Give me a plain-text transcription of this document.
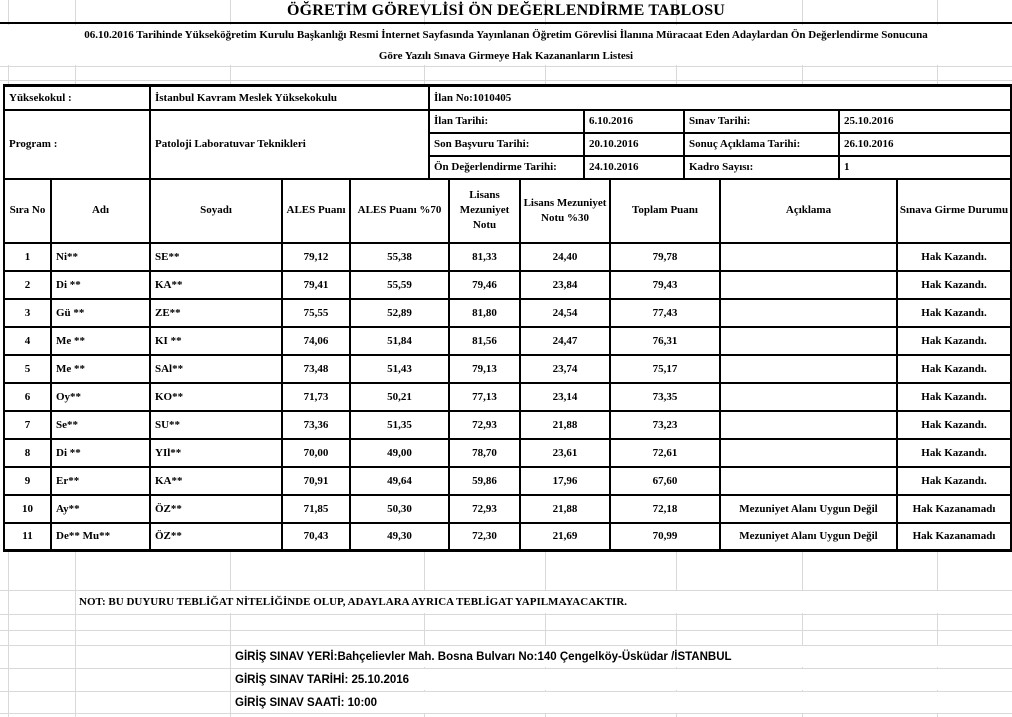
ÖĞRETİM GÖREVLİSİ ÖN DEĞERLENDİRME TABLOSU
06.10.2016 Tarihinde Yükseköğretim Kurulu Başkanlığı Resmi İnternet Sayfasında Yayınlanan Öğretim Görevlisi İlanına Müracaat Eden Adaylardan Ön Değerlendirme Sonucuna
Göre Yazılı Sınava Girmeye Hak Kazananların Listesi
Yüksekokul :	İstanbul Kavram Meslek Yüksekokulu	İlan No:1010405			
Program :	Patoloji Laboratuvar Teknikleri	İlan Tarihi:	6.10.2016	Sınav Tarihi:	25.10.2016
		Son Başvuru Tarihi:	20.10.2016	Sonuç Açıklama Tarihi:	26.10.2016
		Ön Değerlendirme Tarihi:	24.10.2016	Kadro Sayısı:	1
Sıra No	Adı	Soyadı	ALES Puanı	ALES Puanı %70	Lisans Mezuniyet Notu	Lisans Mezuniyet Notu %30	Toplam Puanı	Açıklama	Sınava Girme Durumu
1	Ni**	SE**	79,12	55,38	81,33	24,40	79,78		Hak Kazandı.
2	Di **	KA**	79,41	55,59	79,46	23,84	79,43		Hak Kazandı.
3	Gü **	ZE**	75,55	52,89	81,80	24,54	77,43		Hak Kazandı.
4	Me **	KI **	74,06	51,84	81,56	24,47	76,31		Hak Kazandı.
5	Me **	SAl**	73,48	51,43	79,13	23,74	75,17		Hak Kazandı.
6	Oy**	KO**	71,73	50,21	77,13	23,14	73,35		Hak Kazandı.
7	Se**	SU**	73,36	51,35	72,93	21,88	73,23		Hak Kazandı.
8	Di **	YIl**	70,00	49,00	78,70	23,61	72,61		Hak Kazandı.
9	Er**	KA**	70,91	49,64	59,86	17,96	67,60		Hak Kazandı.
10	Ay**	ÖZ**	71,85	50,30	72,93	21,88	72,18	Mezuniyet Alanı Uygun Değil	Hak Kazanamadı
11	De** Mu**	ÖZ**	70,43	49,30	72,30	21,69	70,99	Mezuniyet Alanı Uygun Değil	Hak Kazanamadı
NOT: BU DUYURU TEBLİĞAT NİTELİĞİNDE OLUP, ADAYLARA AYRICA TEBLİGAT YAPILMAYACAKTIR.
GİRİŞ SINAV YERİ:Bahçelievler Mah. Bosna Bulvarı No:140 Çengelköy-Üsküdar /İSTANBUL
GİRİŞ SINAV TARİHİ: 25.10.2016
GİRİŞ SINAV SAATİ: 10:00
